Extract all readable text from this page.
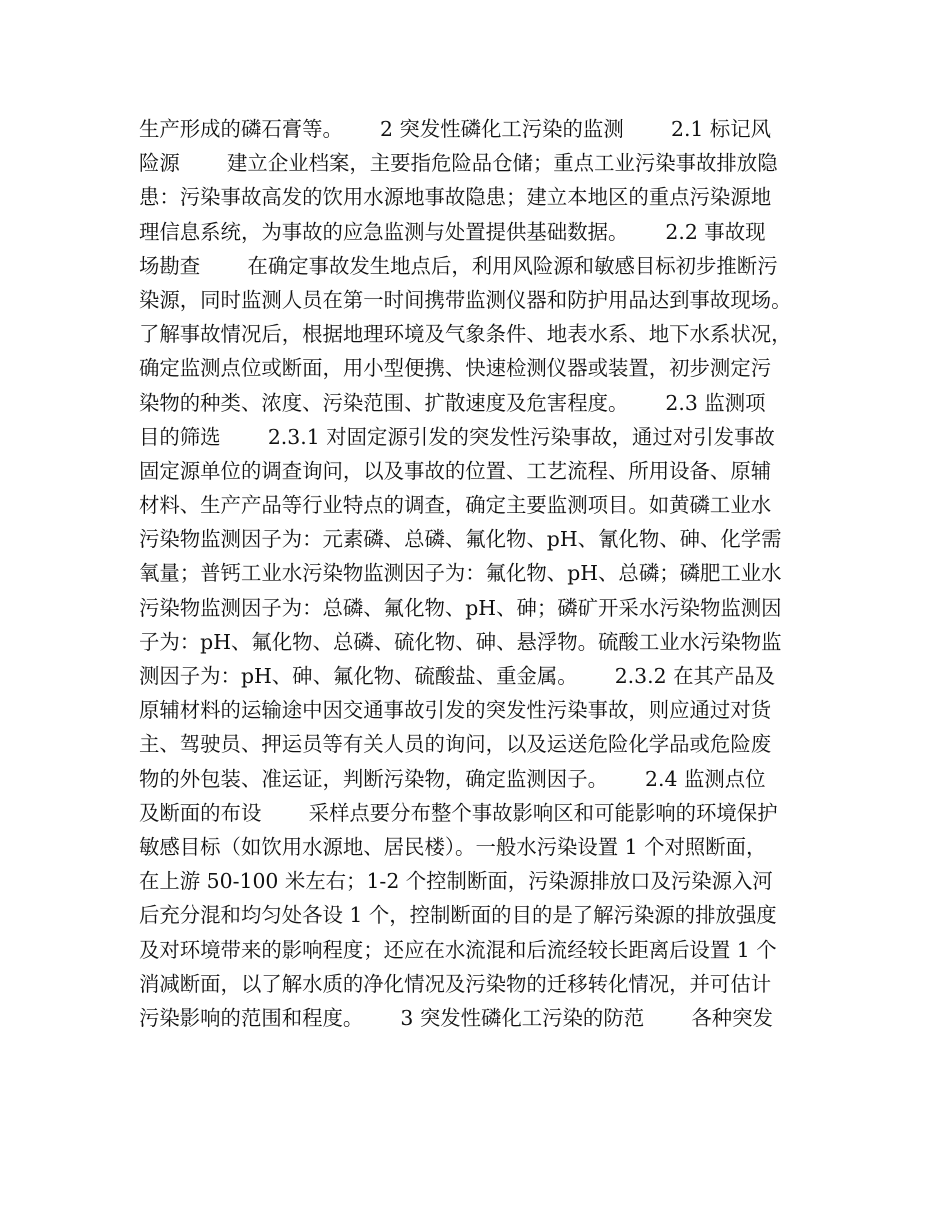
生产形成的磷石膏等。　　 2 突发性磷化工污染的监测　　 2.1 标记风
险源　　 建立企业档案，主要指危险品仓储；重点工业污染事故排放隐
患：污染事故高发的饮用水源地事故隐患；建立本地区的重点污染源地
理信息系统，为事故的应急监测与处置提供基础数据。　　 2.2 事故现
场勘查　　 在确定事故发生地点后，利用风险源和敏感目标初步推断污
染源，同时监测人员在第一时间携带监测仪器和防护用品达到事故现场。
了解事故情况后，根据地理环境及气象条件、地表水系、地下水系状况，
确定监测点位或断面，用小型便携、快速检测仪器或装置，初步测定污
染物的种类、浓度、污染范围、扩散速度及危害程度。　　 2.3 监测项
目的筛选　　 2.3.1 对固定源引发的突发性污染事故，通过对引发事故
固定源单位的调查询问，以及事故的位置、工艺流程、所用设备、原辅
材料、生产产品等行业特点的调查，确定主要监测项目。如黄磷工业水
污染物监测因子为：元素磷、总磷、氟化物、pH、氰化物、砷、化学需
氧量；普钙工业水污染物监测因子为：氟化物、pH、总磷；磷肥工业水
污染物监测因子为：总磷、氟化物、pH、砷；磷矿开采水污染物监测因
子为：pH、氟化物、总磷、硫化物、砷、悬浮物。硫酸工业水污染物监
测因子为：pH、砷、氟化物、硫酸盐、重金属。　　 2.3.2 在其产品及
原辅材料的运输途中因交通事故引发的突发性污染事故，则应通过对货
主、驾驶员、押运员等有关人员的询问，以及运送危险化学品或危险废
物的外包装、准运证，判断污染物，确定监测因子。　　 2.4 监测点位
及断面的布设　　 采样点要分布整个事故影响区和可能影响的环境保护
敏感目标（如饮用水源地、居民楼）。一般水污染设置 1 个对照断面，
在上游 50-100 米左右；1-2 个控制断面，污染源排放口及污染源入河
后充分混和均匀处各设 1 个，控制断面的目的是了解污染源的排放强度
及对环境带来的影响程度；还应在水流混和后流经较长距离后设置 1 个
消减断面，以了解水质的净化情况及污染物的迁移转化情况，并可估计
污染影响的范围和程度。　　 3 突发性磷化工污染的防范　　 各种突发
